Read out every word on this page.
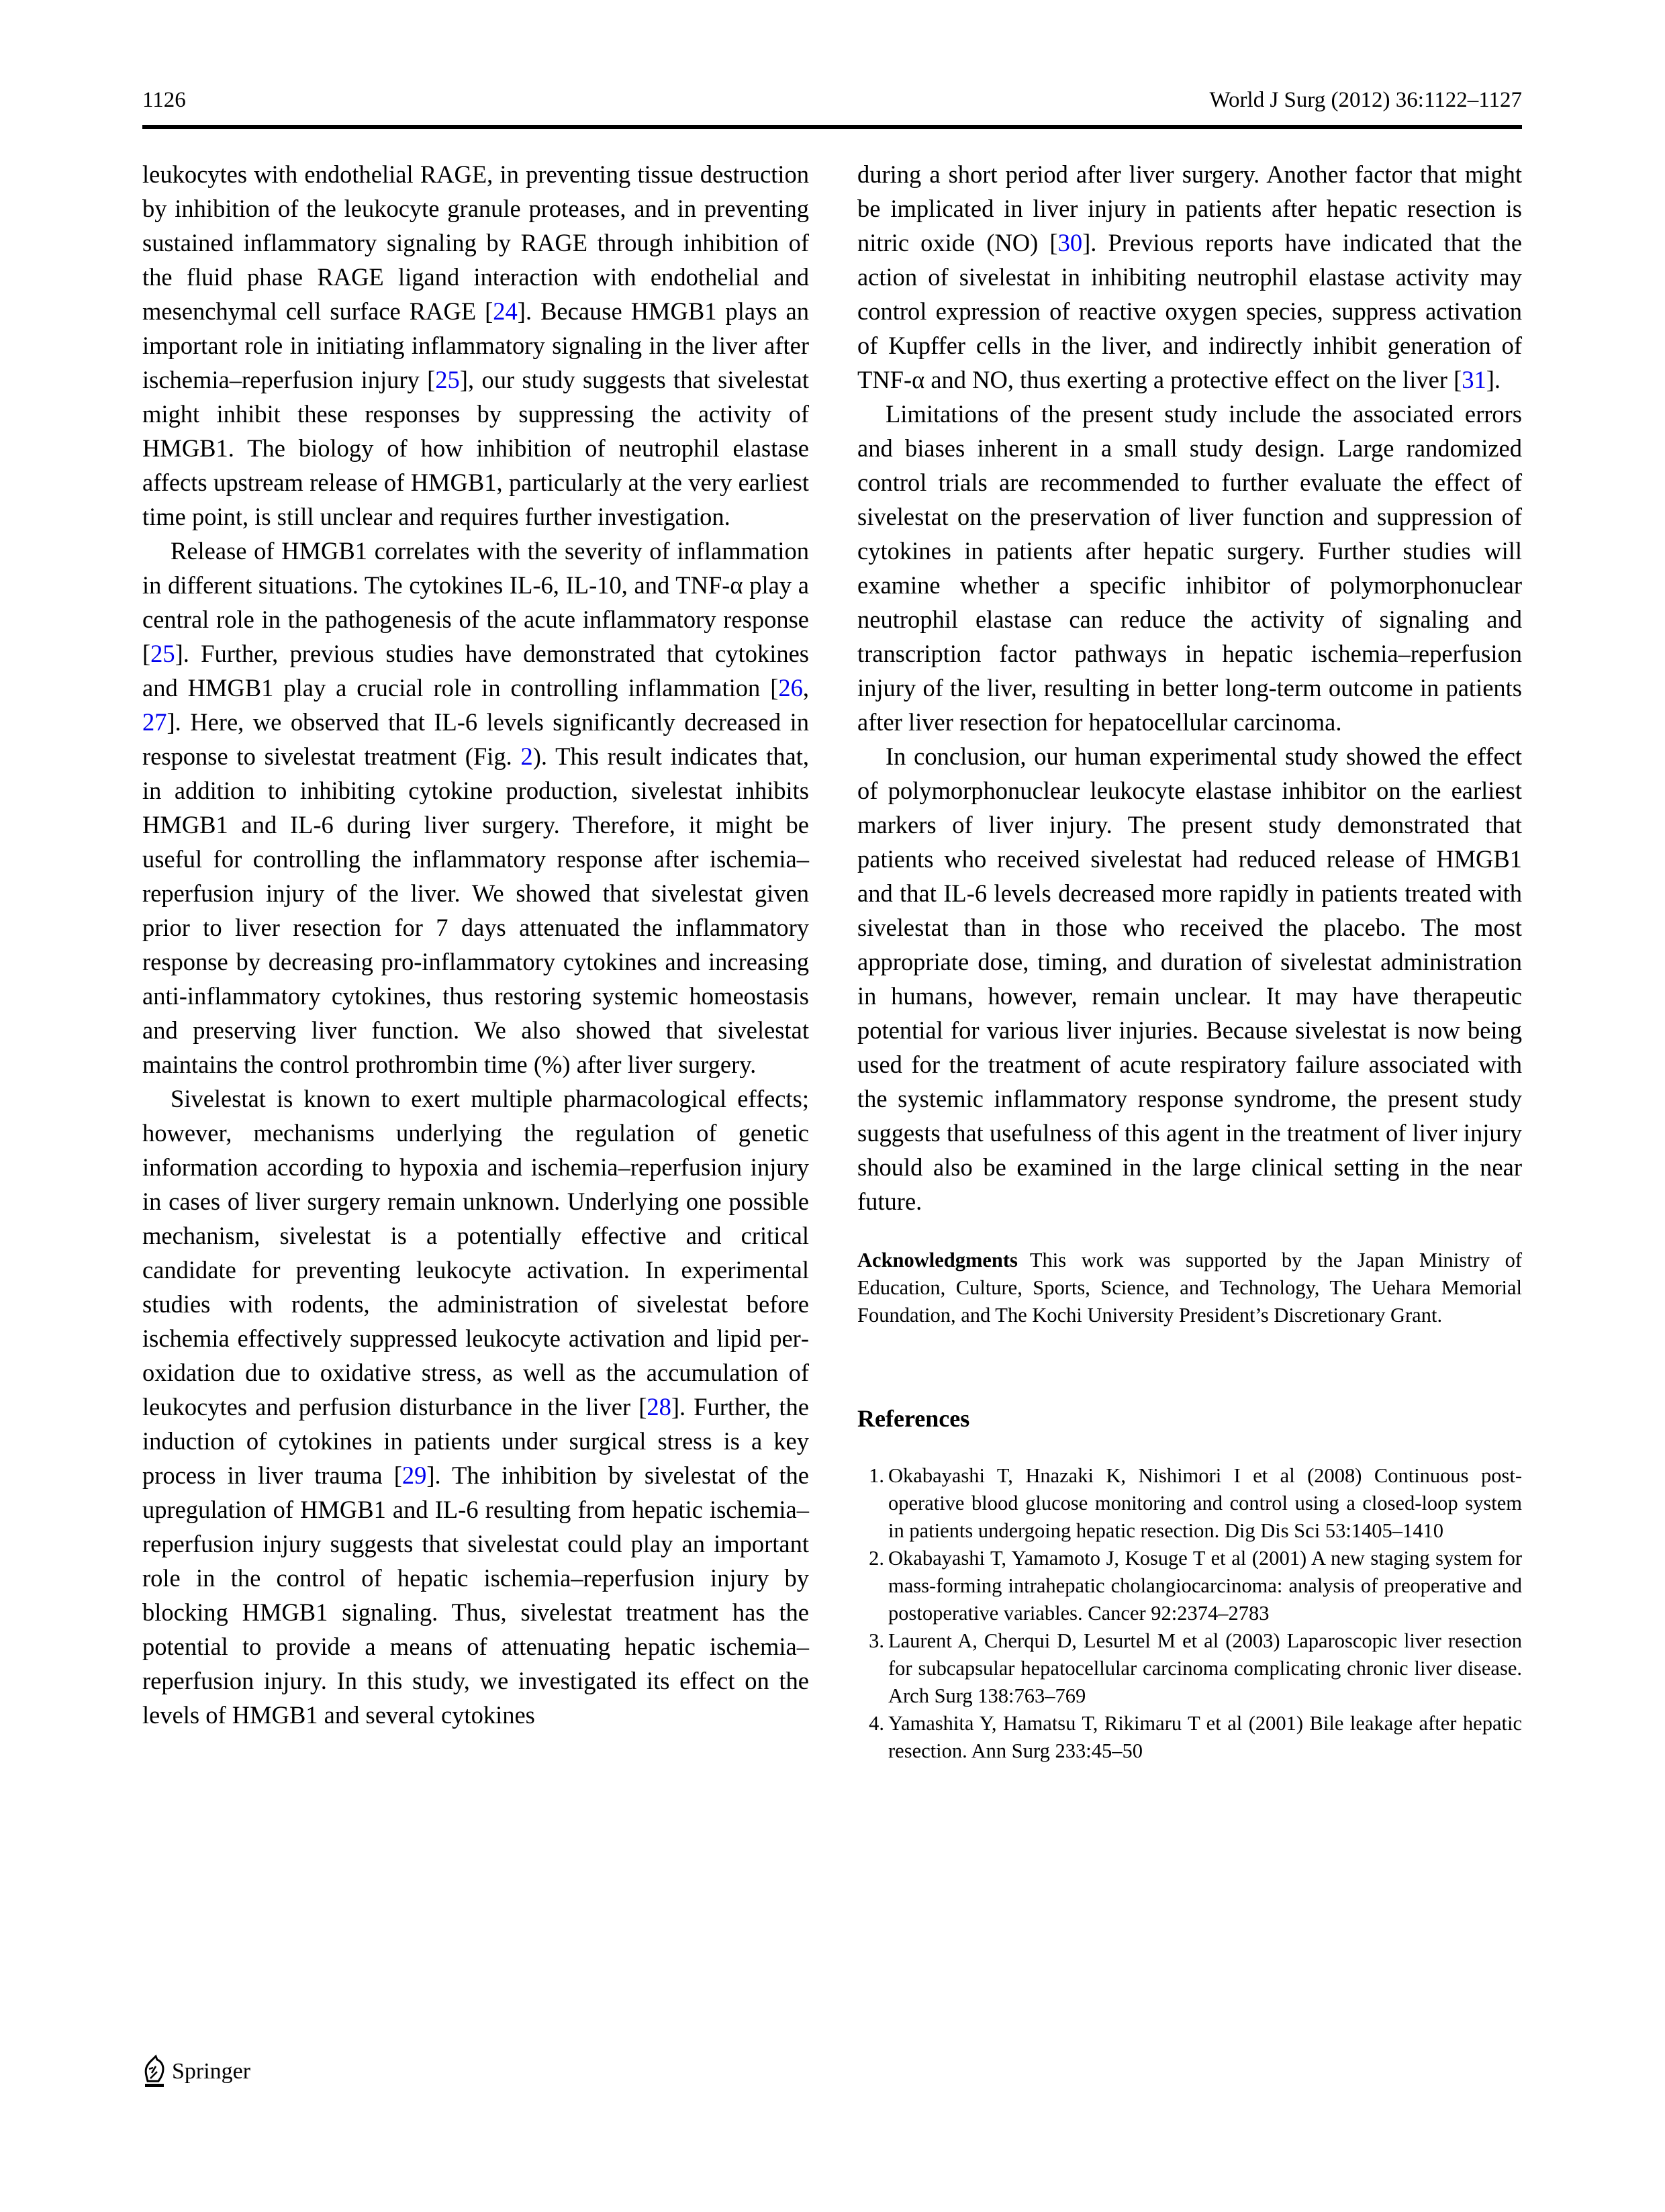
1126	World J Surg (2012) 36:1122–1127

leukocytes with endothelial RAGE, in preventing tissue destruction by inhibition of the leukocyte granule proteases, and in preventing sustained inflammatory signaling by RAGE through inhibition of the fluid phase RAGE ligand interaction with endothelial and mesenchymal cell surface RAGE [24]. Because HMGB1 plays an important role in initiating inflammatory signaling in the liver after ischemia–reperfusion injury [25], our study suggests that sivelestat might inhibit these responses by suppressing the activity of HMGB1. The biology of how inhibition of neutrophil elastase affects upstream release of HMGB1, particularly at the very earliest time point, is still unclear and requires further investigation.

Release of HMGB1 correlates with the severity of inflammation in different situations. The cytokines IL-6, IL-10, and TNF-α play a central role in the pathogenesis of the acute inflammatory response [25]. Further, previous studies have demonstrated that cytokines and HMGB1 play a crucial role in controlling inflammation [26, 27]. Here, we observed that IL-6 levels significantly decreased in response to sivelestat treatment (Fig. 2). This result indicates that, in addition to inhibiting cytokine production, sivelestat inhibits HMGB1 and IL-6 during liver surgery. Therefore, it might be useful for controlling the inflammatory response after ischemia–reperfusion injury of the liver. We showed that sivelestat given prior to liver resection for 7 days attenuated the inflammatory response by decreasing pro-inflammatory cytokines and increasing anti-inflammatory cytokines, thus restoring systemic homeostasis and preserving liver function. We also showed that sivelestat maintains the control prothrombin time (%) after liver surgery.

Sivelestat is known to exert multiple pharmacological effects; however, mechanisms underlying the regulation of genetic information according to hypoxia and ischemia–reperfusion injury in cases of liver surgery remain unknown. Underlying one possible mechanism, sivelestat is a potentially effective and critical candidate for preventing leukocyte activation. In experimental studies with rodents, the administration of sivelestat before ischemia effectively suppressed leukocyte activation and lipid peroxidation due to oxidative stress, as well as the accumulation of leukocytes and perfusion disturbance in the liver [28]. Further, the induction of cytokines in patients under surgical stress is a key process in liver trauma [29]. The inhibition by sivelestat of the upregulation of HMGB1 and IL-6 resulting from hepatic ischemia–reperfusion injury suggests that sivelestat could play an important role in the control of hepatic ischemia–reperfusion injury by blocking HMGB1 signaling. Thus, sivelestat treatment has the potential to provide a means of attenuating hepatic ischemia–reperfusion injury. In this study, we investigated its effect on the levels of HMGB1 and several cytokines

during a short period after liver surgery. Another factor that might be implicated in liver injury in patients after hepatic resection is nitric oxide (NO) [30]. Previous reports have indicated that the action of sivelestat in inhibiting neutrophil elastase activity may control expression of reactive oxygen species, suppress activation of Kupffer cells in the liver, and indirectly inhibit generation of TNF-α and NO, thus exerting a protective effect on the liver [31].

Limitations of the present study include the associated errors and biases inherent in a small study design. Large randomized control trials are recommended to further evaluate the effect of sivelestat on the preservation of liver function and suppression of cytokines in patients after hepatic surgery. Further studies will examine whether a specific inhibitor of polymorphonuclear neutrophil elastase can reduce the activity of signaling and transcription factor pathways in hepatic ischemia–reperfusion injury of the liver, resulting in better long-term outcome in patients after liver resection for hepatocellular carcinoma.

In conclusion, our human experimental study showed the effect of polymorphonuclear leukocyte elastase inhibitor on the earliest markers of liver injury. The present study demonstrated that patients who received sivelestat had reduced release of HMGB1 and that IL-6 levels decreased more rapidly in patients treated with sivelestat than in those who received the placebo. The most appropriate dose, timing, and duration of sivelestat administration in humans, however, remain unclear. It may have therapeutic potential for various liver injuries. Because sivelestat is now being used for the treatment of acute respiratory failure associated with the systemic inflammatory response syndrome, the present study suggests that usefulness of this agent in the treatment of liver injury should also be examined in the large clinical setting in the near future.

Acknowledgments This work was supported by the Japan Ministry of Education, Culture, Sports, Science, and Technology, The Uehara Memorial Foundation, and The Kochi University President’s Discretionary Grant.
References
1. Okabayashi T, Hnazaki K, Nishimori I et al (2008) Continuous post-operative blood glucose monitoring and control using a closed-loop system in patients undergoing hepatic resection. Dig Dis Sci 53:1405–1410
2. Okabayashi T, Yamamoto J, Kosuge T et al (2001) A new staging system for mass-forming intrahepatic cholangiocarcinoma: analysis of preoperative and postoperative variables. Cancer 92:2374–2783
3. Laurent A, Cherqui D, Lesurtel M et al (2003) Laparoscopic liver resection for subcapsular hepatocellular carcinoma complicating chronic liver disease. Arch Surg 138:763–769
4. Yamashita Y, Hamatsu T, Rikimaru T et al (2001) Bile leakage after hepatic resection. Ann Surg 233:45–50
Springer
